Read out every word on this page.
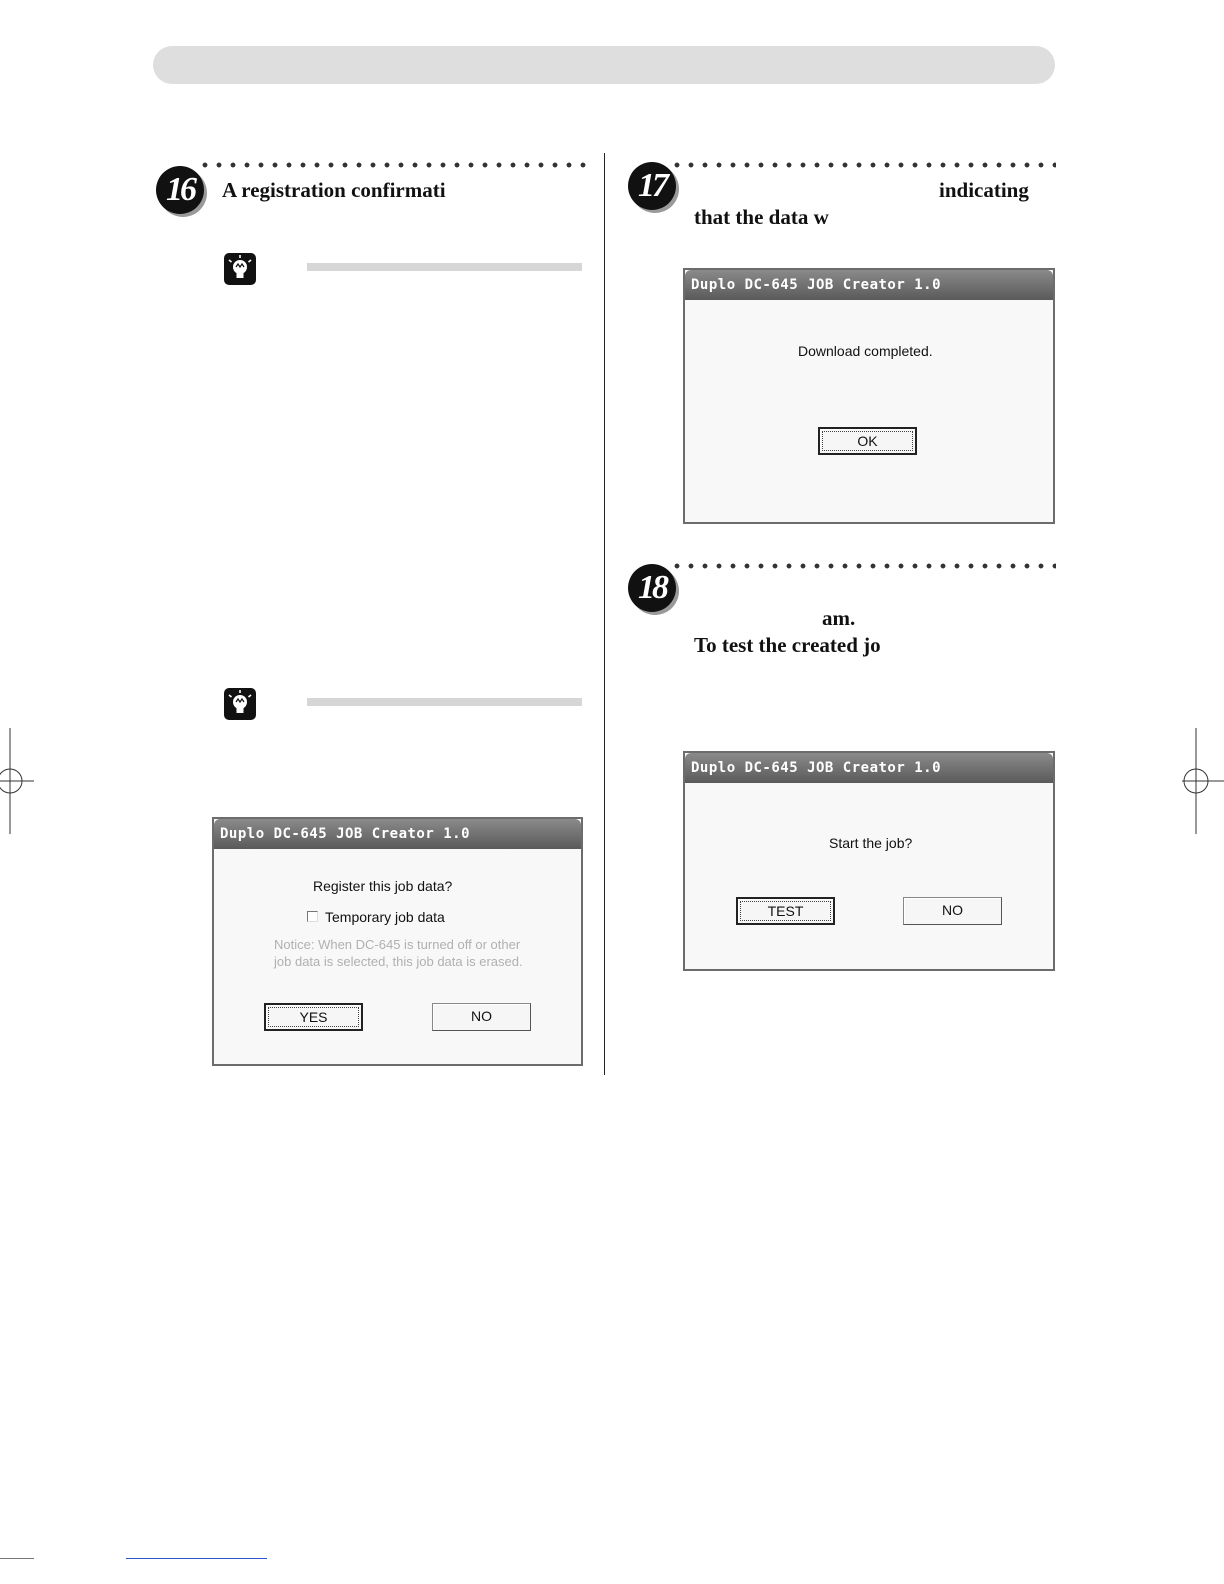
16	A registration confirmati
Duplo DC-645 JOB Creator 1.0
Register this job data?
Temporary job data
Notice: When DC-645 is turned off or other job data is selected, this job data is erased.
YES	NO
17	indicating
that the data w
Duplo DC-645 JOB Creator 1.0
Download completed.
OK
18
am.
To test the created jo
Duplo DC-645 JOB Creator 1.0
Start the job?
TEST	NO
